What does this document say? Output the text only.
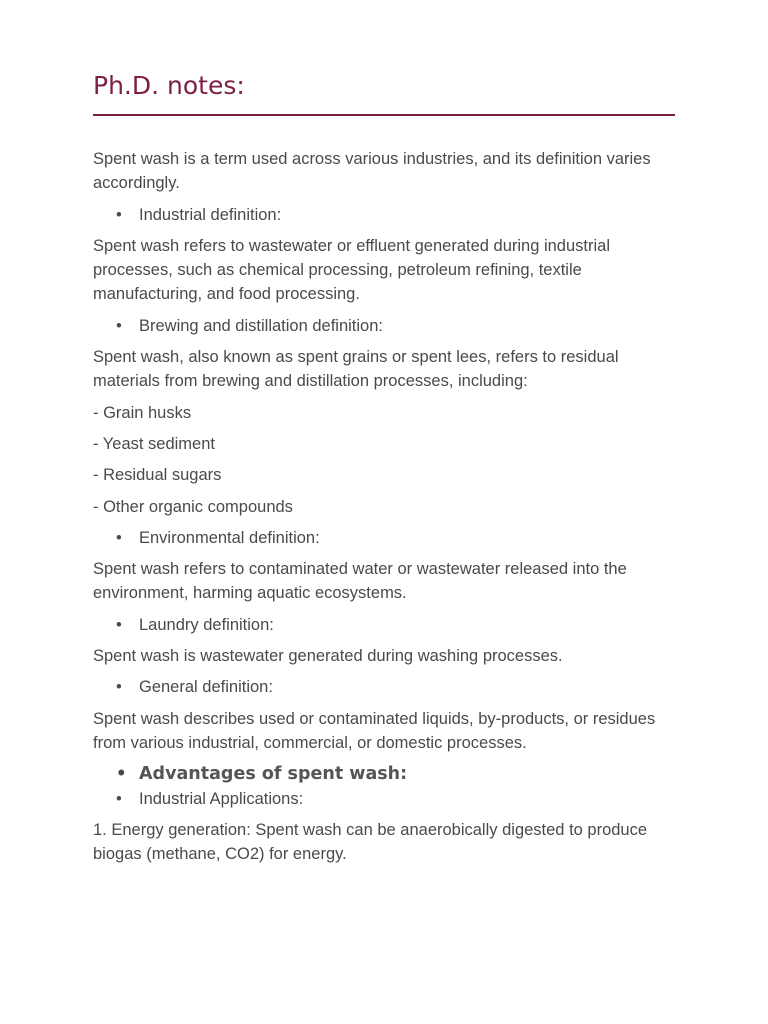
Ph.D. notes:

Spent wash is a term used across various industries, and its definition varies accordingly.

• Industrial definition:

Spent wash refers to wastewater or effluent generated during industrial processes, such as chemical processing, petroleum refining, textile manufacturing, and food processing.

• Brewing and distillation definition:

Spent wash, also known as spent grains or spent lees, refers to residual materials from brewing and distillation processes, including:

- Grain husks

- Yeast sediment

- Residual sugars

- Other organic compounds

• Environmental definition:

Spent wash refers to contaminated water or wastewater released into the environment, harming aquatic ecosystems.

• Laundry definition:

Spent wash is wastewater generated during washing processes.

• General definition:

Spent wash describes used or contaminated liquids, by-products, or residues from various industrial, commercial, or domestic processes.

• Advantages of spent wash:
• Industrial Applications:

1. Energy generation: Spent wash can be anaerobically digested to produce biogas (methane, CO2) for energy.
